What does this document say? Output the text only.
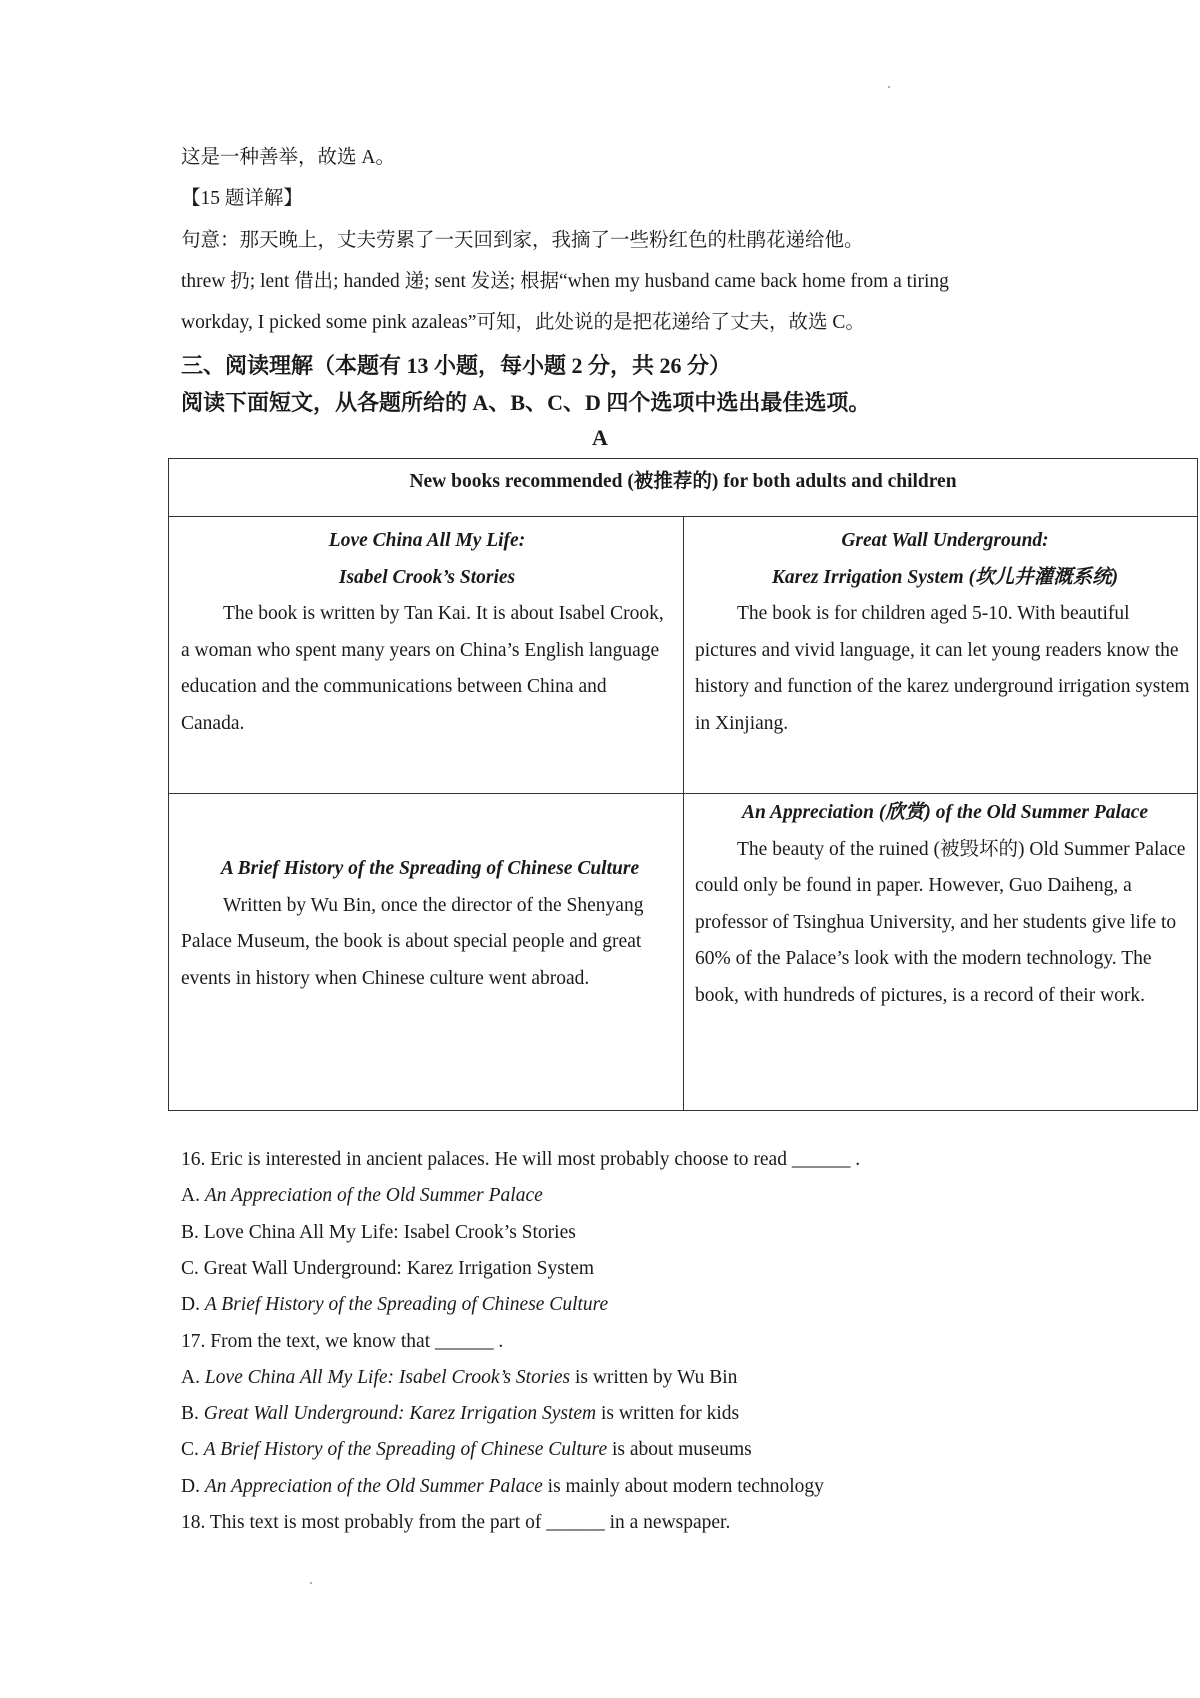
这是一种善举，故选 A。
【15 题详解】
句意：那天晚上，丈夫劳累了一天回到家，我摘了一些粉红色的杜鹃花递给他。
threw 扔; lent 借出; handed 递; sent 发送; 根据“when my husband came back home from a tiring
workday, I picked some pink azaleas”可知，此处说的是把花递给了丈夫，故选 C。
三、阅读理解（本题有 13 小题，每小题 2 分，共 26 分）
阅读下面短文，从各题所给的 A、B、C、D 四个选项中选出最佳选项。
A
New books recommended (被推荐的) for both adults and children
Love China All My Life:
Isabel Crook’s Stories

The book is written by Tan Kai. It is about Isabel Crook, a woman who spent many years on China’s English language education and the communications between China and Canada.

Great Wall Underground:
Karez Irrigation System (坎儿井灌溉系统)

The book is for children aged 5-10. With beautiful pictures and vivid language, it can let young readers know the history and function of the karez underground irrigation system in Xinjiang.

A Brief History of the Spreading of Chinese Culture

Written by Wu Bin, once the director of the Shenyang Palace Museum, the book is about special people and great events in history when Chinese culture went abroad.

An Appreciation (欣赏) of the Old Summer Palace

The beauty of the ruined (被毁坏的) Old Summer Palace could only be found in paper. However, Guo Daiheng, a professor of Tsinghua University, and her students give life to 60% of the Palace’s look with the modern technology. The book, with hundreds of pictures, is a record of their work.

16. Eric is interested in ancient palaces. He will most probably choose to read ______ .
A. An Appreciation of the Old Summer Palace
B. Love China All My Life: Isabel Crook’s Stories
C. Great Wall Underground: Karez Irrigation System
D. A Brief History of the Spreading of Chinese Culture
17. From the text, we know that ______ .
A. Love China All My Life: Isabel Crook’s Stories is written by Wu Bin
B. Great Wall Underground: Karez Irrigation System is written for kids
C. A Brief History of the Spreading of Chinese Culture is about museums
D. An Appreciation of the Old Summer Palace is mainly about modern technology
18. This text is most probably from the part of ______ in a newspaper.
